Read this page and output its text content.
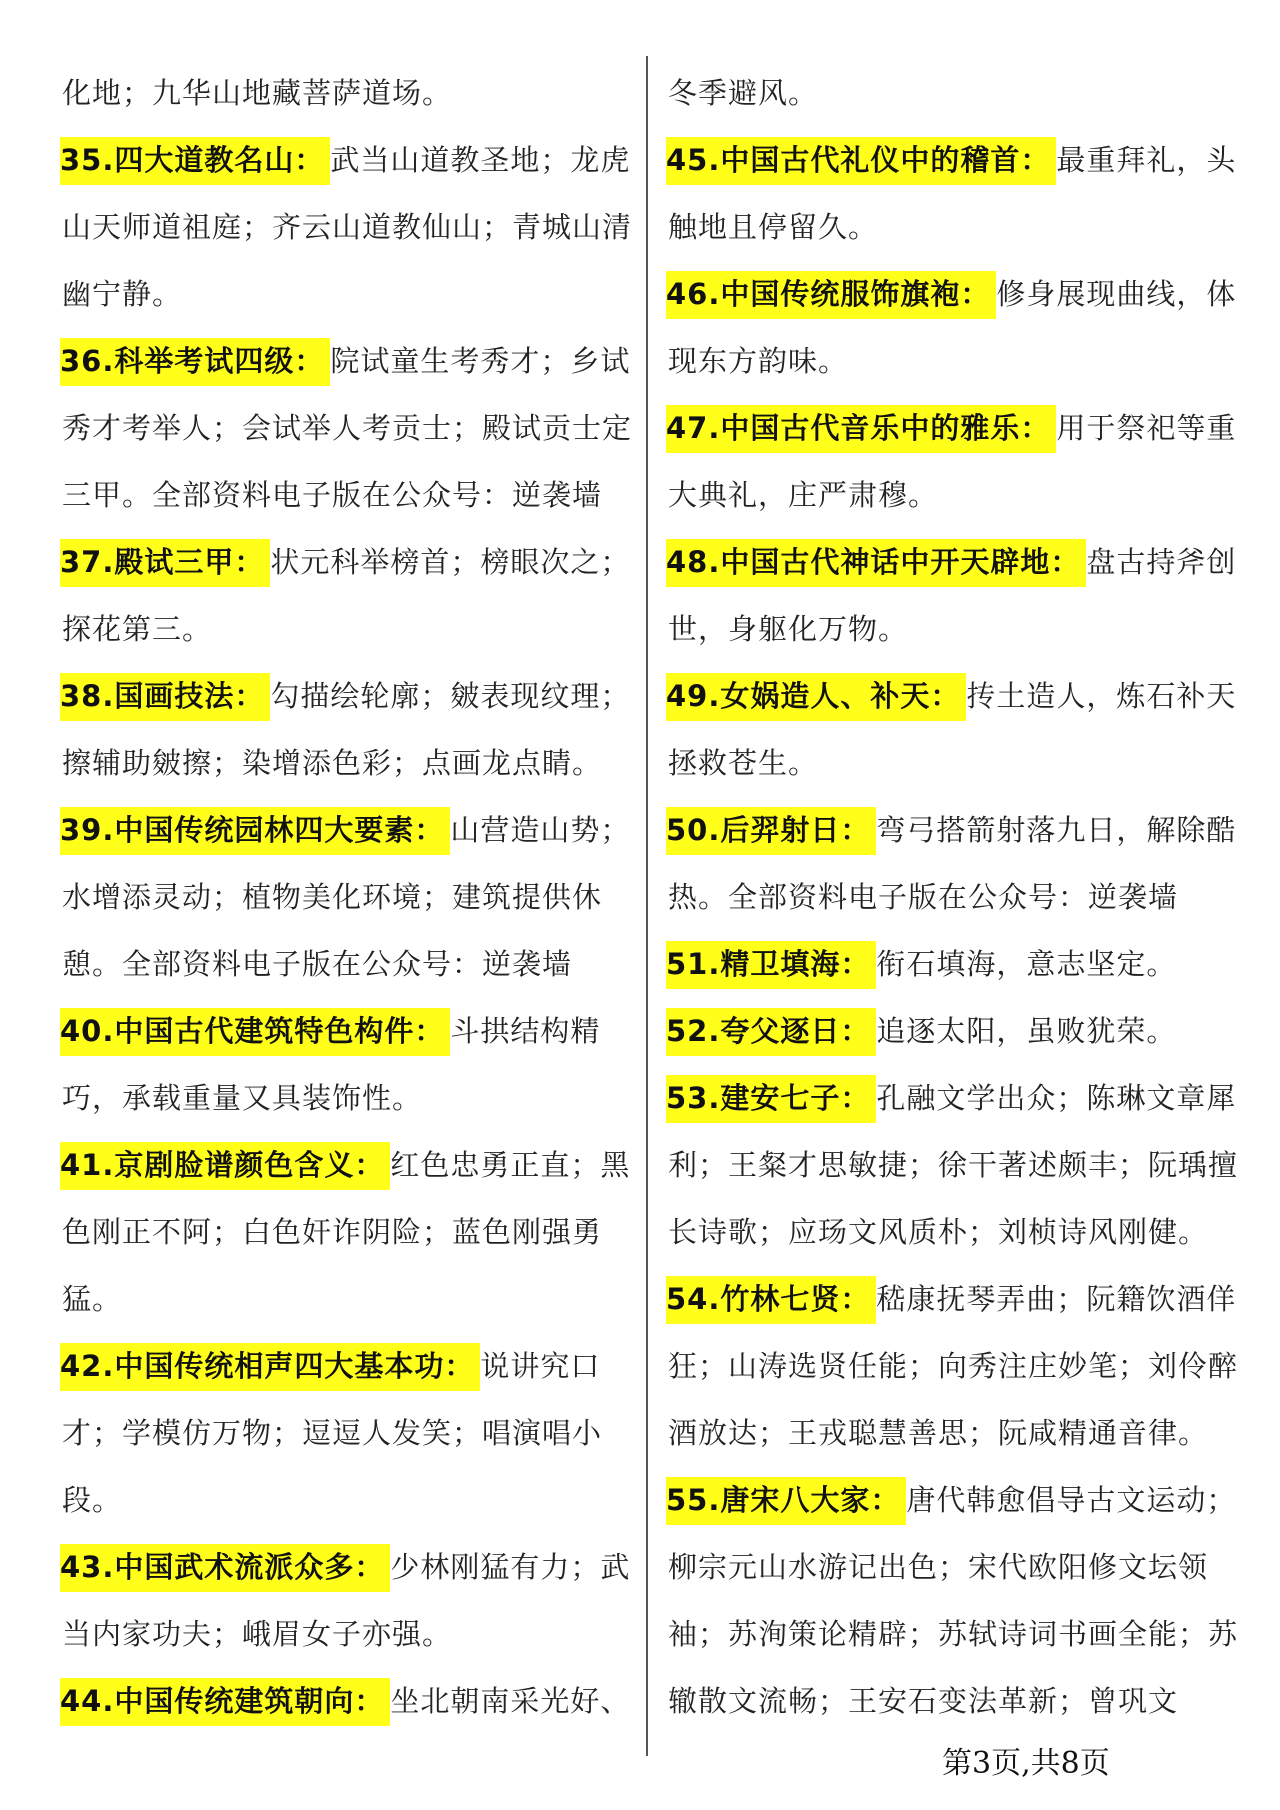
化地；九华山地藏菩萨道场。

35.四大道教名山： 武当山道教圣地；龙虎山天师道祖庭；齐云山道教仙山；青城山清幽宁静。

36.科举考试四级： 院试童生考秀才；乡试秀才考举人；会试举人考贡士；殿试贡士定三甲。全部资料电子版在公众号：逆袭墙

37.殿试三甲： 状元科举榜首；榜眼次之；探花第三。

38.国画技法： 勾描绘轮廓；皴表现纹理；擦辅助皴擦；染增添色彩；点画龙点睛。

39.中国传统园林四大要素： 山营造山势；水增添灵动；植物美化环境；建筑提供休憩。全部资料电子版在公众号：逆袭墙

40.中国古代建筑特色构件： 斗拱结构精巧，承载重量又具装饰性。

41.京剧脸谱颜色含义： 红色忠勇正直；黑色刚正不阿；白色奸诈阴险；蓝色刚强勇猛。

42.中国传统相声四大基本功： 说讲究口才；学模仿万物；逗逗人发笑；唱演唱小段。

43.中国武术流派众多： 少林刚猛有力；武当内家功夫；峨眉女子亦强。

44.中国传统建筑朝向： 坐北朝南采光好、

冬季避风。

45.中国古代礼仪中的稽首： 最重拜礼，头触地且停留久。

46.中国传统服饰旗袍： 修身展现曲线，体现东方韵味。

47.中国古代音乐中的雅乐： 用于祭祀等重大典礼，庄严肃穆。

48.中国古代神话中开天辟地： 盘古持斧创世，身躯化万物。

49.女娲造人、补天： 抟土造人，炼石补天拯救苍生。

50.后羿射日： 弯弓搭箭射落九日，解除酷热。全部资料电子版在公众号：逆袭墙

51.精卫填海： 衔石填海，意志坚定。

52.夸父逐日： 追逐太阳，虽败犹荣。

53.建安七子： 孔融文学出众；陈琳文章犀利；王粲才思敏捷；徐干著述颇丰；阮瑀擅长诗歌；应玚文风质朴；刘桢诗风刚健。

54.竹林七贤： 嵇康抚琴弄曲；阮籍饮酒佯狂；山涛选贤任能；向秀注庄妙笔；刘伶醉酒放达；王戎聪慧善思；阮咸精通音律。

55.唐宋八大家： 唐代韩愈倡导古文运动；柳宗元山水游记出色；宋代欧阳修文坛领袖；苏洵策论精辟；苏轼诗词书画全能；苏辙散文流畅；王安石变法革新；曾巩文

第3页,共8页
